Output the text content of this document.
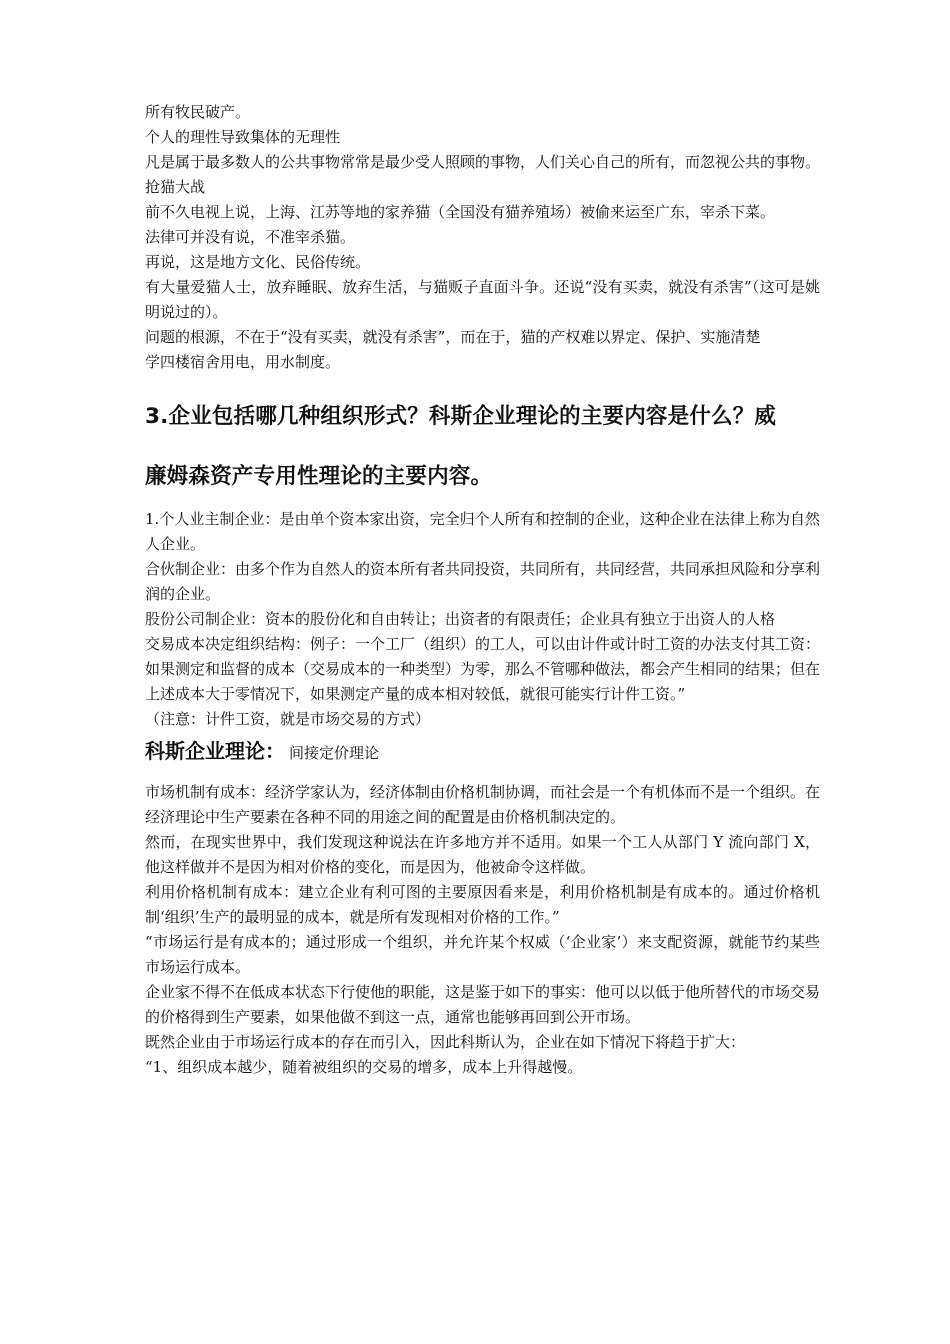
所有牧民破产。

个人的理性导致集体的无理性

凡是属于最多数人的公共事物常常是最少受人照顾的事物，人们关心自己的所有，而忽视公共的事物。

抢猫大战

前不久电视上说，上海、江苏等地的家养猫（全国没有猫养殖场）被偷来运至广东，宰杀下菜。

法律可并没有说，不准宰杀猫。

再说，这是地方文化、民俗传统。

有大量爱猫人士，放弃睡眠、放弃生活，与猫贩子直面斗争。还说“没有买卖，就没有杀害”（这可是姚明说过的）。

问题的根源，不在于“没有买卖，就没有杀害”，而在于，猫的产权难以界定、保护、实施清楚

学四楼宿舍用电，用水制度。

3.企业包括哪几种组织形式？科斯企业理论的主要内容是什么？威

廉姆森资产专用性理论的主要内容。

1.个人业主制企业：是由单个资本家出资，完全归个人所有和控制的企业，这种企业在法律上称为自然人企业。

合伙制企业：由多个作为自然人的资本所有者共同投资，共同所有，共同经营，共同承担风险和分享利润的企业。

股份公司制企业：资本的股份化和自由转让；出资者的有限责任；企业具有独立于出资人的人格

交易成本决定组织结构：例子：一个工厂（组织）的工人，可以由计件或计时工资的办法支付其工资：如果测定和监督的成本（交易成本的一种类型）为零，那么不管哪种做法，都会产生相同的结果；但在上述成本大于零情况下，如果测定产量的成本相对较低，就很可能实行计件工资。”

（注意：计件工资，就是市场交易的方式）

科斯企业理论： 间接定价理论

市场机制有成本：经济学家认为，经济体制由价格机制协调，而社会是一个有机体而不是一个组织。在经济理论中生产要素在各种不同的用途之间的配置是由价格机制决定的。

然而，在现实世界中，我们发现这种说法在许多地方并不适用。如果一个工人从部门 Y 流向部门 X，他这样做并不是因为相对价格的变化，而是因为，他被命令这样做。

利用价格机制有成本：建立企业有利可图的主要原因看来是，利用价格机制是有成本的。通过价格机制‘组织’生产的最明显的成本，就是所有发现相对价格的工作。”

“市场运行是有成本的；通过形成一个组织，并允许某个权威（‘企业家’）来支配资源，就能节约某些市场运行成本。

企业家不得不在低成本状态下行使他的职能，这是鉴于如下的事实：他可以以低于他所替代的市场交易的价格得到生产要素，如果他做不到这一点，通常也能够再回到公开市场。

既然企业由于市场运行成本的存在而引入，因此科斯认为，企业在如下情况下将趋于扩大：

“1、组织成本越少，随着被组织的交易的增多，成本上升得越慢。
